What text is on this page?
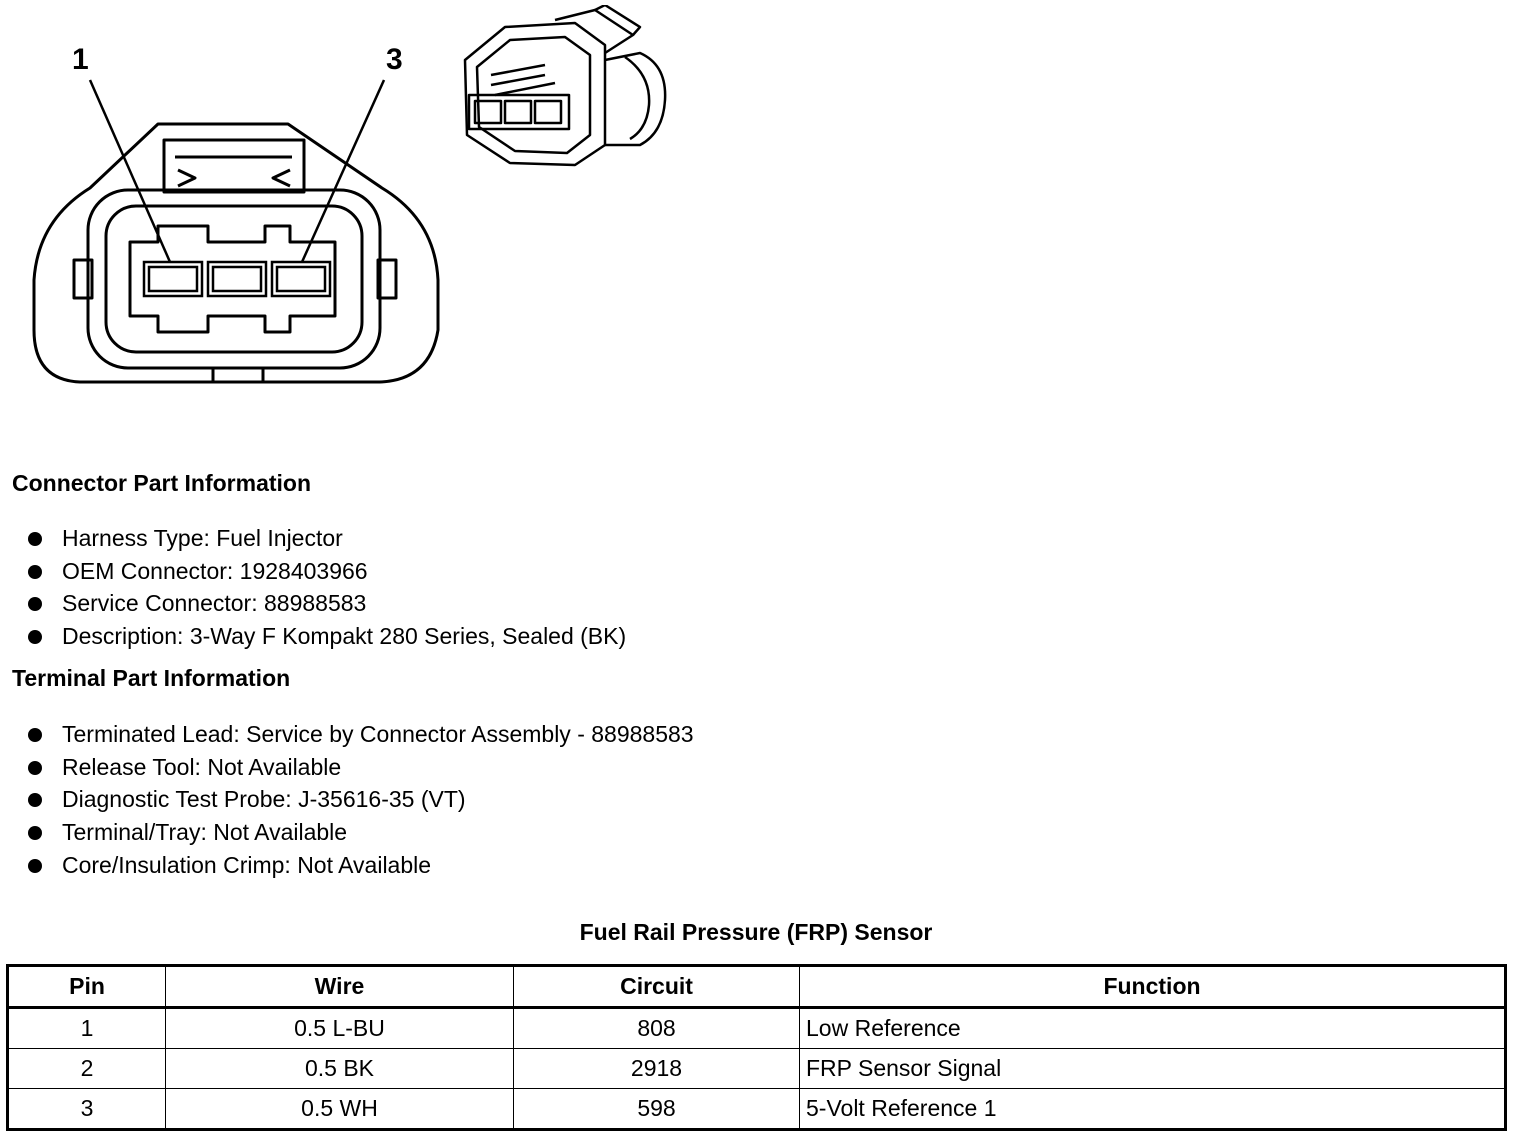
1	3
Connector Part Information
Harness Type: Fuel Injector
OEM Connector: 1928403966
Service Connector: 88988583
Description: 3-Way F Kompakt 280 Series, Sealed (BK)
Terminal Part Information
Terminated Lead: Service by Connector Assembly - 88988583
Release Tool: Not Available
Diagnostic Test Probe: J-35616-35 (VT)
Terminal/Tray: Not Available
Core/Insulation Crimp: Not Available
Fuel Rail Pressure (FRP) Sensor
Pin	Wire	Circuit	Function
1	0.5 L-BU	808	Low Reference
2	0.5 BK	2918	FRP Sensor Signal
3	0.5 WH	598	5-Volt Reference 1
